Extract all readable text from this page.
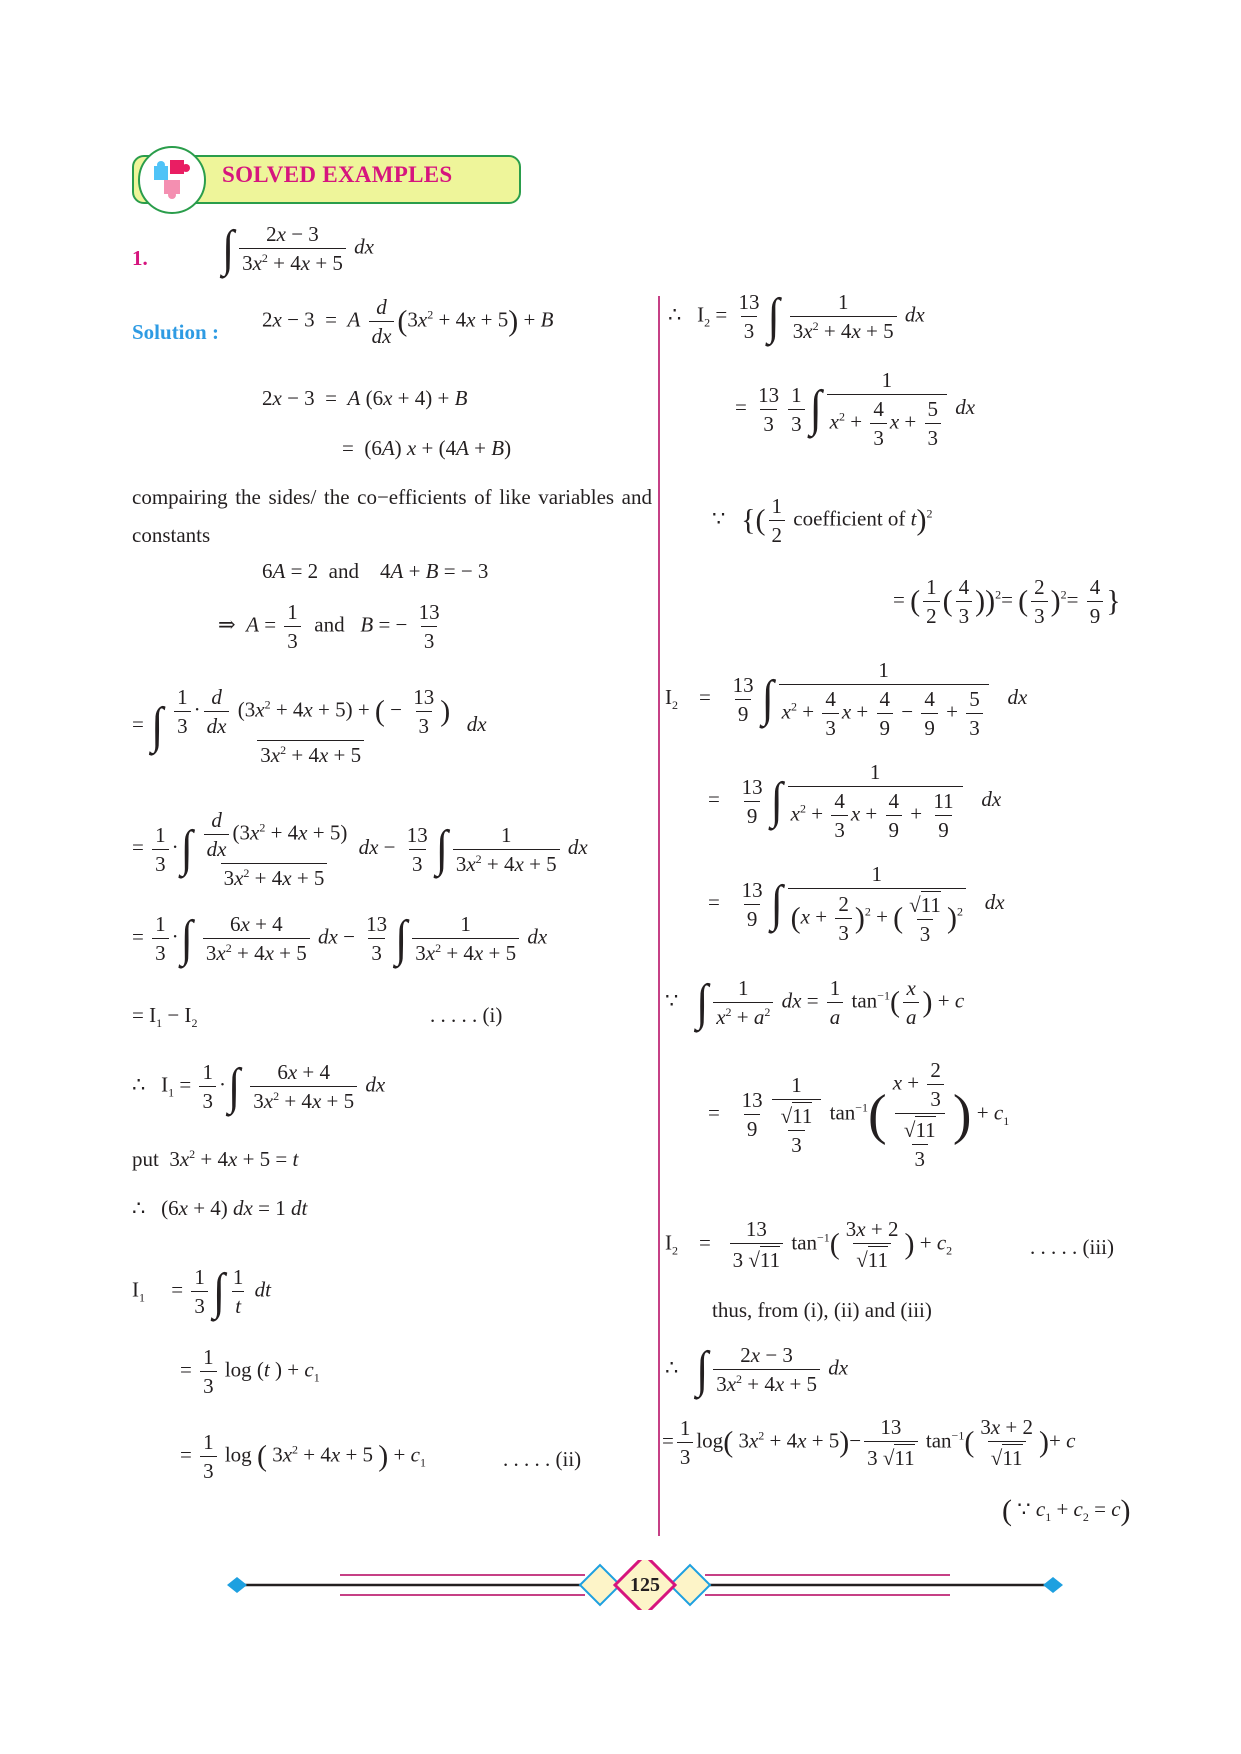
SOLVED EXAMPLES
1. ∫ $\frac{2x - 3}{3x^2 + 4x + 5}$ dx
Solution :
2x − 3  =  A $\frac{d}{dx} (3x^2 + 4x + 5) + B$
2x − 3  =  A (6x + 4) + B
=  (6A) x + (4A + B)
compairing the sides/ the co−efficients of like variables and constants
6A = 2  and    4A + B = − 3
⇒  $A = \frac{1}{3}$ and   B = − $\frac{13}{3}$
= ∫ $\frac{1}{3} \cdot \frac{d}{dx} (3x^2 + 4x + 5)$ + ( − $\frac{13}{3}$ )
$3x^2 + 4x + 5$
dx
= $\frac{1}{3}$ ·∫ $\frac{d}{dx} (3x^2 + 4x + 5)$
$3x^2 + 4x + 5$
dx − $\frac{13}{3}$ ∫ $\frac{1}{3x^2 + 4x + 5}$ dx
= $\frac{1}{3}$ ·∫ $\frac{6x + 4}{3x^2 + 4x + 5}$ dx − $\frac{13}{3}$ ∫ $\frac{1}{3x^2 + 4x + 5}$ dx
= $I_1 - I_2$	. . . . . (i)
∴   $I_1 = \frac{1}{3}$ ·∫ $\frac{6x + 4}{3x^2 + 4x + 5}$ dx
put  $3x^2 + 4x + 5 = t$
∴   (6x + 4) dx = 1 dt
$I_1$     = $\frac{1}{3}$ ∫ $\frac{1}{t}$ dt
= $\frac{1}{3}$ log (t ) + $c_1$
= $\frac{1}{3}$ log ( $3x^2 + 4x + 5$ ) + $c_1$	. . . . . (ii)
∴   $I_2 = \frac{13}{3}$ ∫ $\frac{1}{3x^2 + 4x + 5}$ dx
= $\frac{13}{3} \frac{1}{3}$ ∫ $\frac{1}{x^2 + \frac{4}{3} x + \frac{5}{3}}$ dx
∵   {( $\frac{1}{2}$ coefficient of t)$^2$
= ( $\frac{1}{2}$ ( $\frac{4}{3} ))^2=$ ( $\frac{2}{3} )^2= \frac{4}{9}$ }
$I_2$    = $\frac{13}{9}$ ∫ $\frac{1}{x^2 + \frac{4}{3} x + \frac{4}{9} - \frac{4}{9} + \frac{5}{3}}$ dx
= $\frac{13}{9}$ ∫ $\frac{1}{x^2 + \frac{4}{3} x + \frac{4}{9} + \frac{11}{9}}$ dx
= $\frac{13}{9}$ ∫ $\frac{1}{(x + \frac{2}{3} )^2 + ( \frac{√11}{3} )^2}$ dx
∵   ∫ $\frac{1}{x^2 + a^2}$ dx = $\frac{1}{a} \tan^{-1}( \frac{x}{a}$ ) + c
= $\frac{13}{9} \frac{1}{\frac{√11}{3}} \tan^{-1}( \frac{x + \frac{2}{3}}{\frac{√11}{3}}$ ) + $c_1$
$I_2$    = $\frac{13}{3 √11} \tan^{-1}( \frac{3x + 2}{√11}$ ) + $c_2$	. . . . . (iii)
thus, from (i), (ii) and (iii)
∴   ∫ $\frac{2x - 3}{3x^2 + 4x + 5}$ dx
= $\frac{1}{3} \log$( $3x^2 + 4x + 5)- \frac{13}{3 √11} \tan^{-1}( \frac{3x + 2}{√11}$ )+ c
( ∵ $c_1 + c_2 = c$)
125
